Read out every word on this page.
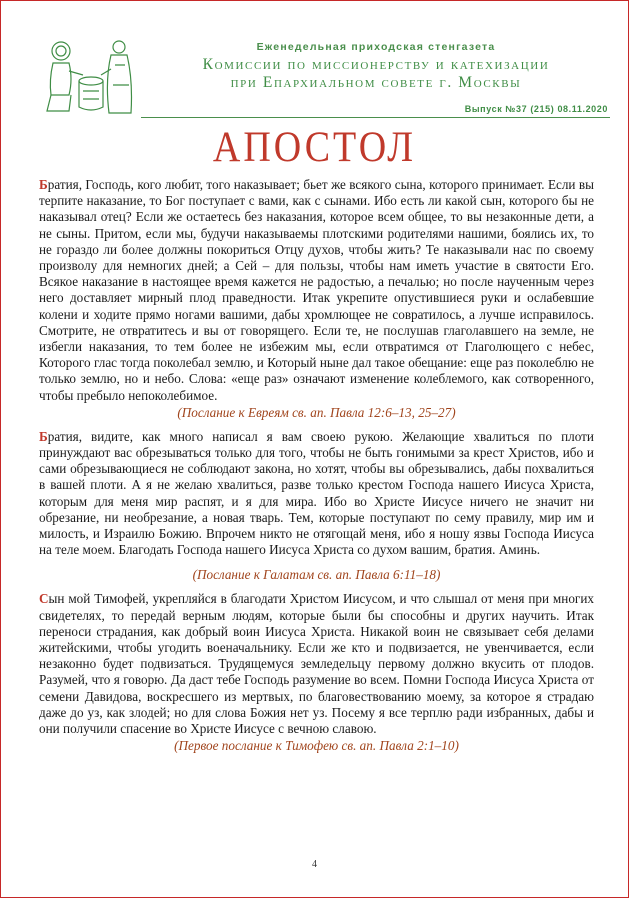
Еженедельная приходская стенгазета
Комиссии по миссионерству и катехизации
при Епархиальном совете г. Москвы
Выпуск №37 (215) 08.11.2020
АПОСТОЛ

Братия, Господь, кого любит, того наказывает; бьет же всякого сына, которого принимает. Если вы терпите наказание, то Бог поступает с вами, как с сынами. Ибо есть ли какой сын, которого бы не наказывал отец? Если же остаетесь без наказания, которое всем общее, то вы незаконные дети, а не сыны. Притом, если мы, будучи наказываемы плотскими родителями нашими, боялись их, то не гораздо ли более должны покориться Отцу духов, чтобы жить? Те наказывали нас по своему произволу для немногих дней; а Сей – для пользы, чтобы нам иметь участие в святости Его. Всякое наказание в настоящее время кажется не радостью, а печалью; но после наученным через него доставляет мирный плод праведности. Итак укрепите опустившиеся руки и ослабевшие колени и ходите прямо ногами вашими, дабы хромлющее не совратилось, а лучше исправилось. Смотрите, не отвратитесь и вы от говорящего. Если те, не послушав глаголавшего на земле, не избегли наказания, то тем более не избежим мы, если отвратимся от Глаголющего с небес, Которого глас тогда поколебал землю, и Который ныне дал такое обещание: еще раз поколеблю не только землю, но и небо. Слова: «еще раз» означают изменение колеблемого, как сотворенного, чтобы пребыло непоколебимое.

(Послание к Евреям св. ап. Павла 12:6–13, 25–27)

Братия, видите, как много написал я вам своею рукою. Желающие хвалиться по плоти принуждают вас обрезываться только для того, чтобы не быть гонимыми за крест Христов, ибо и сами обрезывающиеся не соблюдают закона, но хотят, чтобы вы обрезывались, дабы похвалиться в вашей плоти. А я не желаю хвалиться, разве только крестом Господа нашего Иисуса Христа, которым для меня мир распят, и я для мира. Ибо во Христе Иисусе ничего не значит ни обрезание, ни необрезание, а новая тварь. Тем, которые поступают по сему правилу, мир им и милость, и Израилю Божию. Впрочем никто не отягощай меня, ибо я ношу язвы Господа Иисуса на теле моем. Благодать Господа нашего Иисуса Христа со духом вашим, братия. Аминь.

(Послание к Галатам св. ап. Павла 6:11–18)

Сын мой Тимофей, укрепляйся в благодати Христом Иисусом, и что слышал от меня при многих свидетелях, то передай верным людям, которые были бы способны и других научить. Итак переноси страдания, как добрый воин Иисуса Христа. Никакой воин не связывает себя делами житейскими, чтобы угодить военачальнику. Если же кто и подвизается, не увенчивается, если незаконно будет подвизаться. Трудящемуся земледельцу первому должно вкусить от плодов. Разумей, что я говорю. Да даст тебе Господь разумение во всем. Помни Господа Иисуса Христа от семени Давидова, воскресшего из мертвых, по благовествованию моему, за которое я страдаю даже до уз, как злодей; но для слова Божия нет уз. Посему я все терплю ради избранных, дабы и они получили спасение во Христе Иисусе с вечною славою.

(Первое послание к Тимофею св. ап. Павла 2:1–10)
4
